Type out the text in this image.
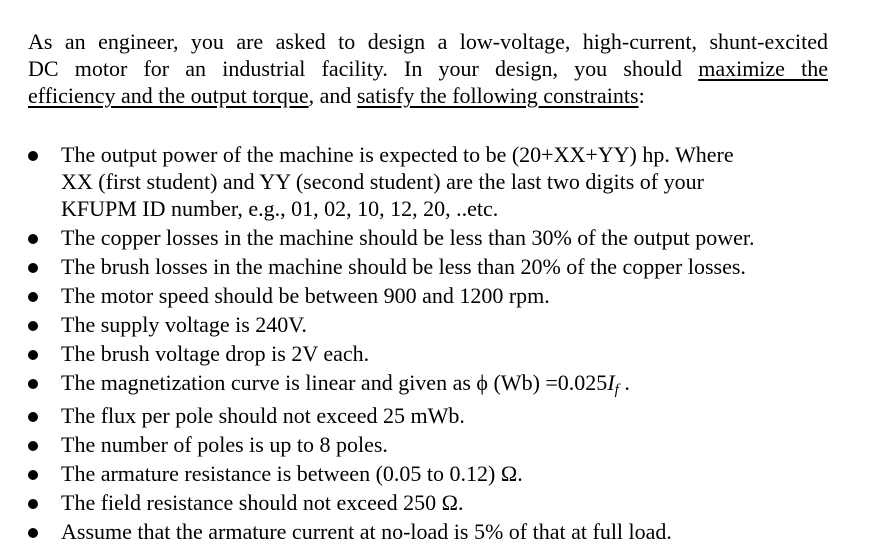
As an engineer, you are asked to design a low-voltage, high-current, shunt-excited
DC motor for an industrial facility. In your design, you should maximize the
efficiency and the output torque, and satisfy the following constraints:
The output power of the machine is expected to be (20+XX+YY) hp. Where
XX (first student) and YY (second student) are the last two digits of your
KFUPM ID number, e.g., 01, 02, 10, 12, 20, ..etc.
The copper losses in the machine should be less than 30% of the output power.
The brush losses in the machine should be less than 20% of the copper losses.
The motor speed should be between 900 and 1200 rpm.
The supply voltage is 240V.
The brush voltage drop is 2V each.
The magnetization curve is linear and given as ϕ $(Wb) =0.025I_f$ .
The flux per pole should not exceed 25 mWb.
The number of poles is up to 8 poles.
The armature resistance is between (0.05 to 0.12) Ω.
The field resistance should not exceed 250 Ω.
Assume that the armature current at no-load is 5% of that at full load.
